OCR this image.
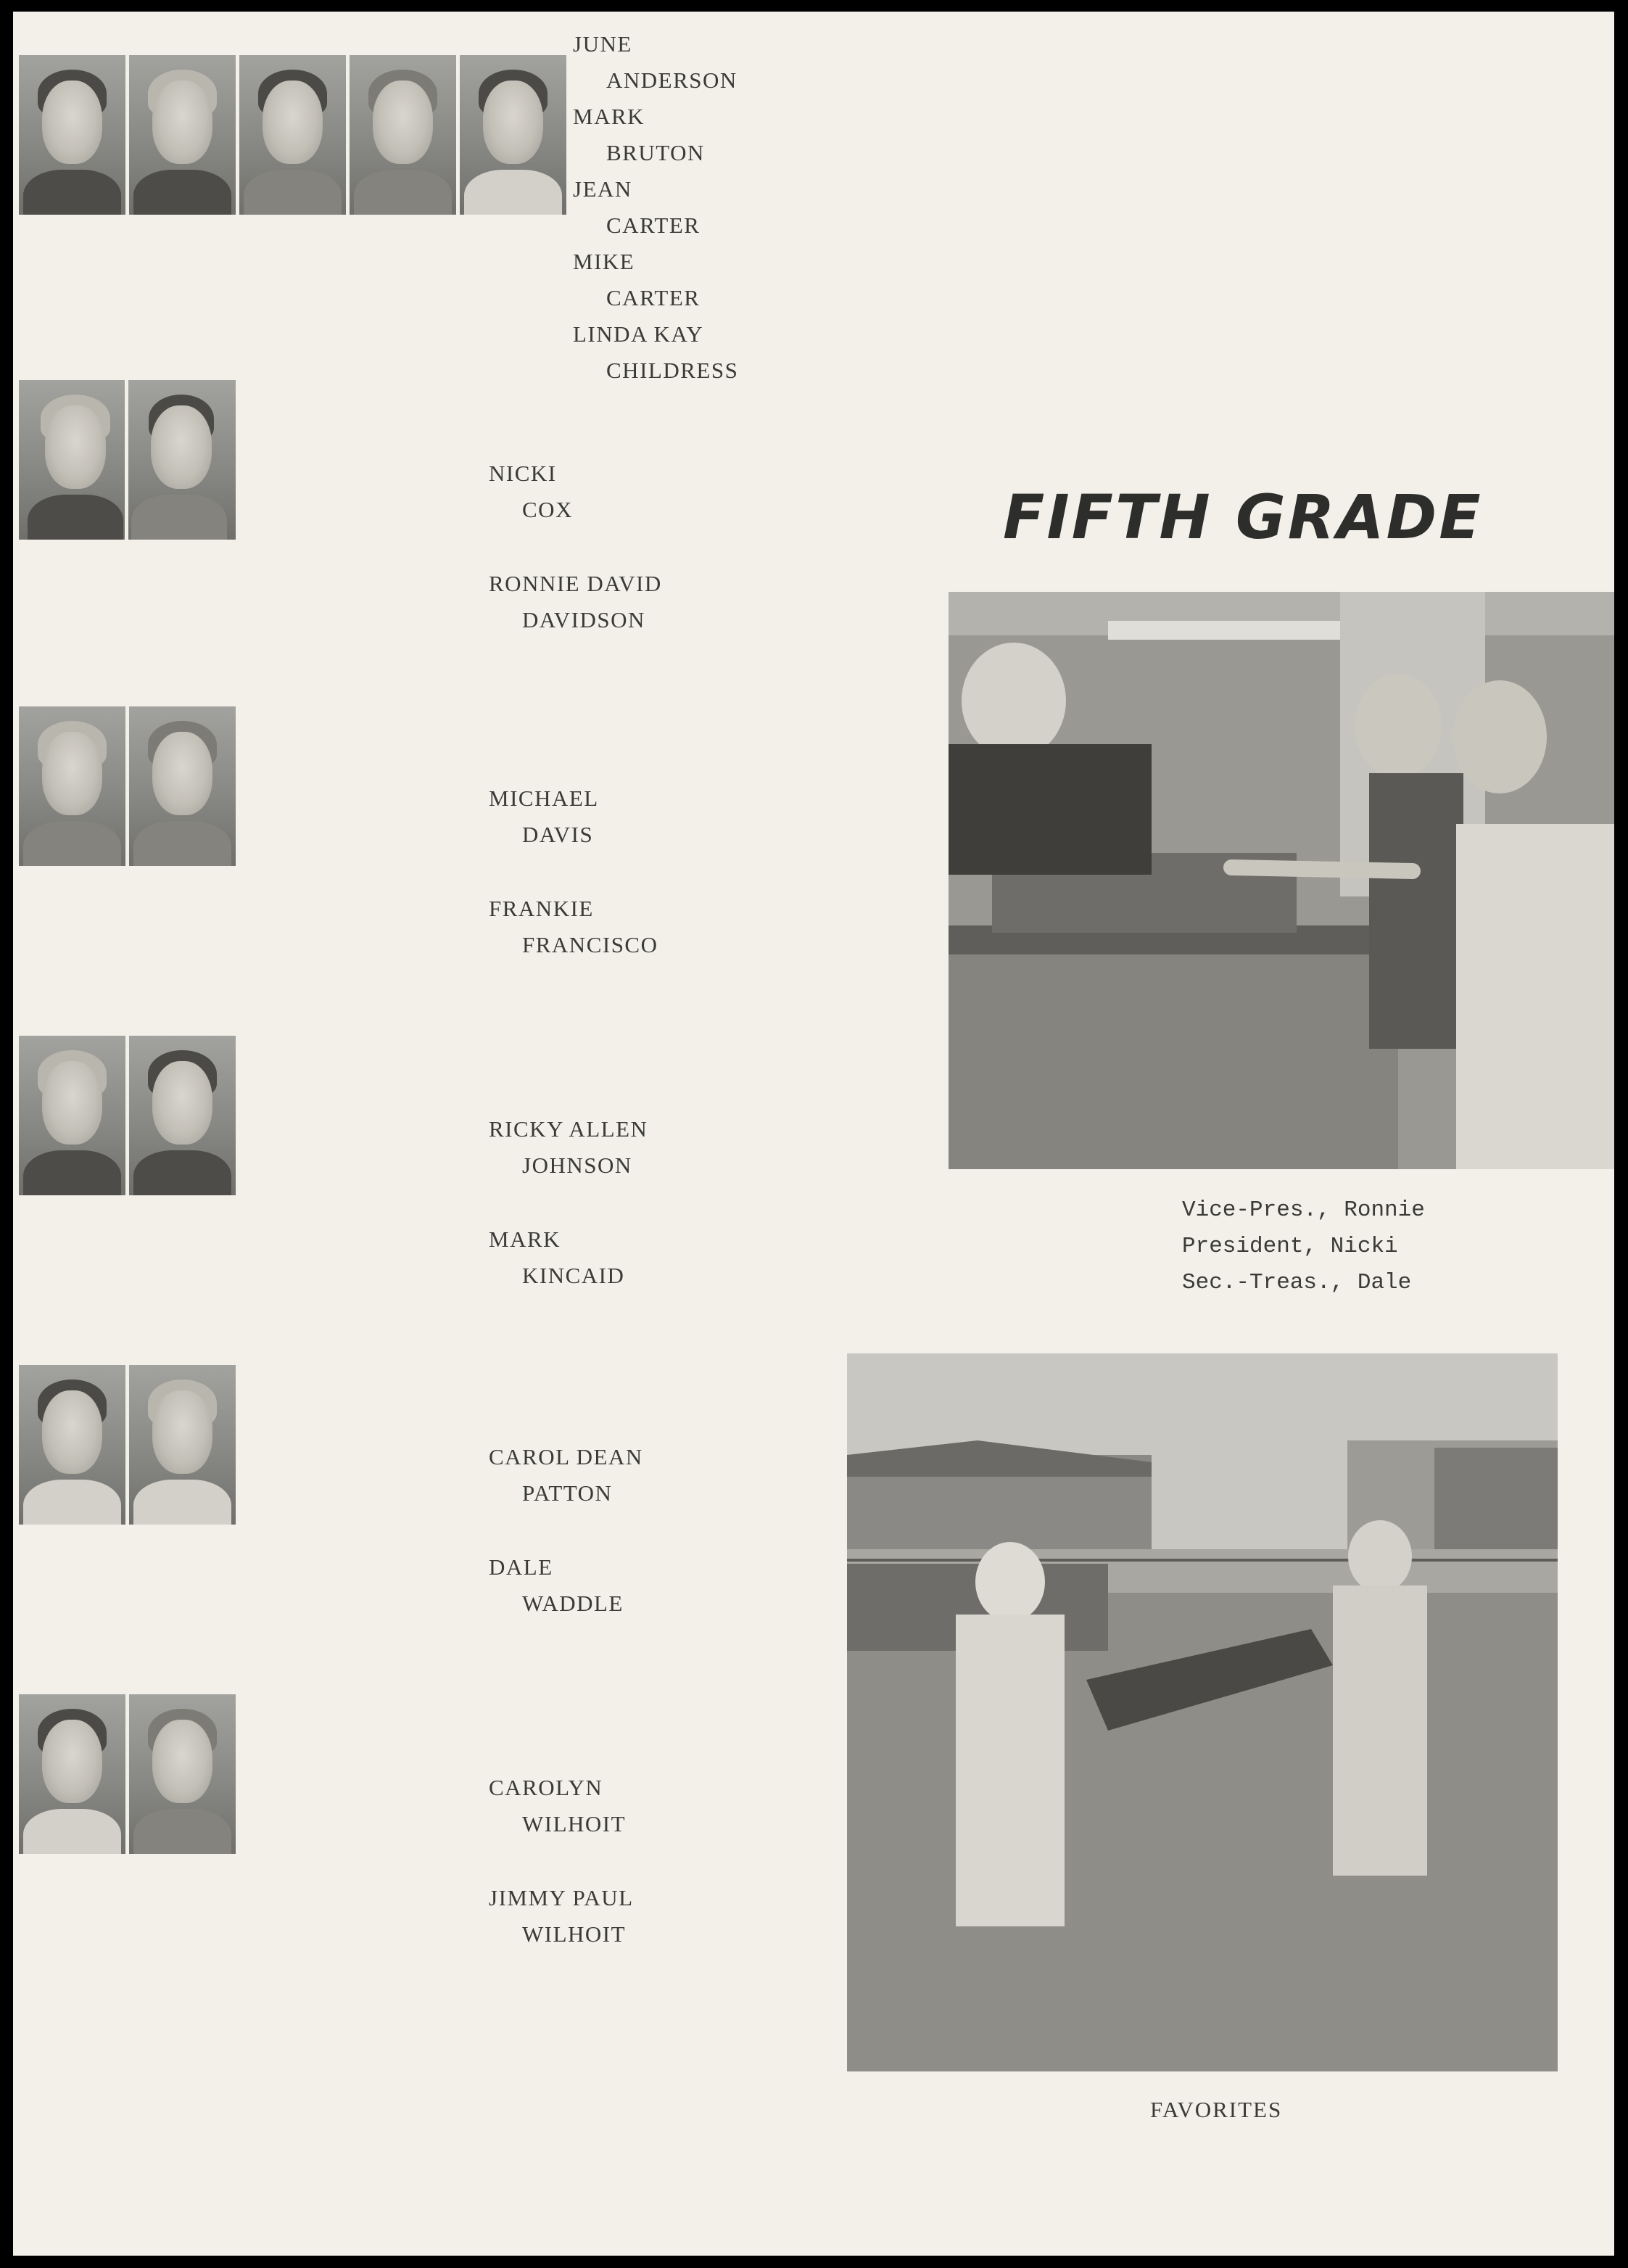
JUNE
ANDERSON
MARK
BRUTON
JEAN
CARTER
MIKE
CARTER
LINDA KAY
CHILDRESS
NICKI
COX
RONNIE DAVID
DAVIDSON
MICHAEL
DAVIS
FRANKIE
FRANCISCO
RICKY ALLEN
JOHNSON
MARK
KINCAID
CAROL DEAN
PATTON
DALE
WADDLE
CAROLYN
WILHOIT
JIMMY PAUL
WILHOIT
FIFTH GRADE
Vice-Pres., Ronnie
President, Nicki
Sec.-Treas., Dale
FAVORITES
